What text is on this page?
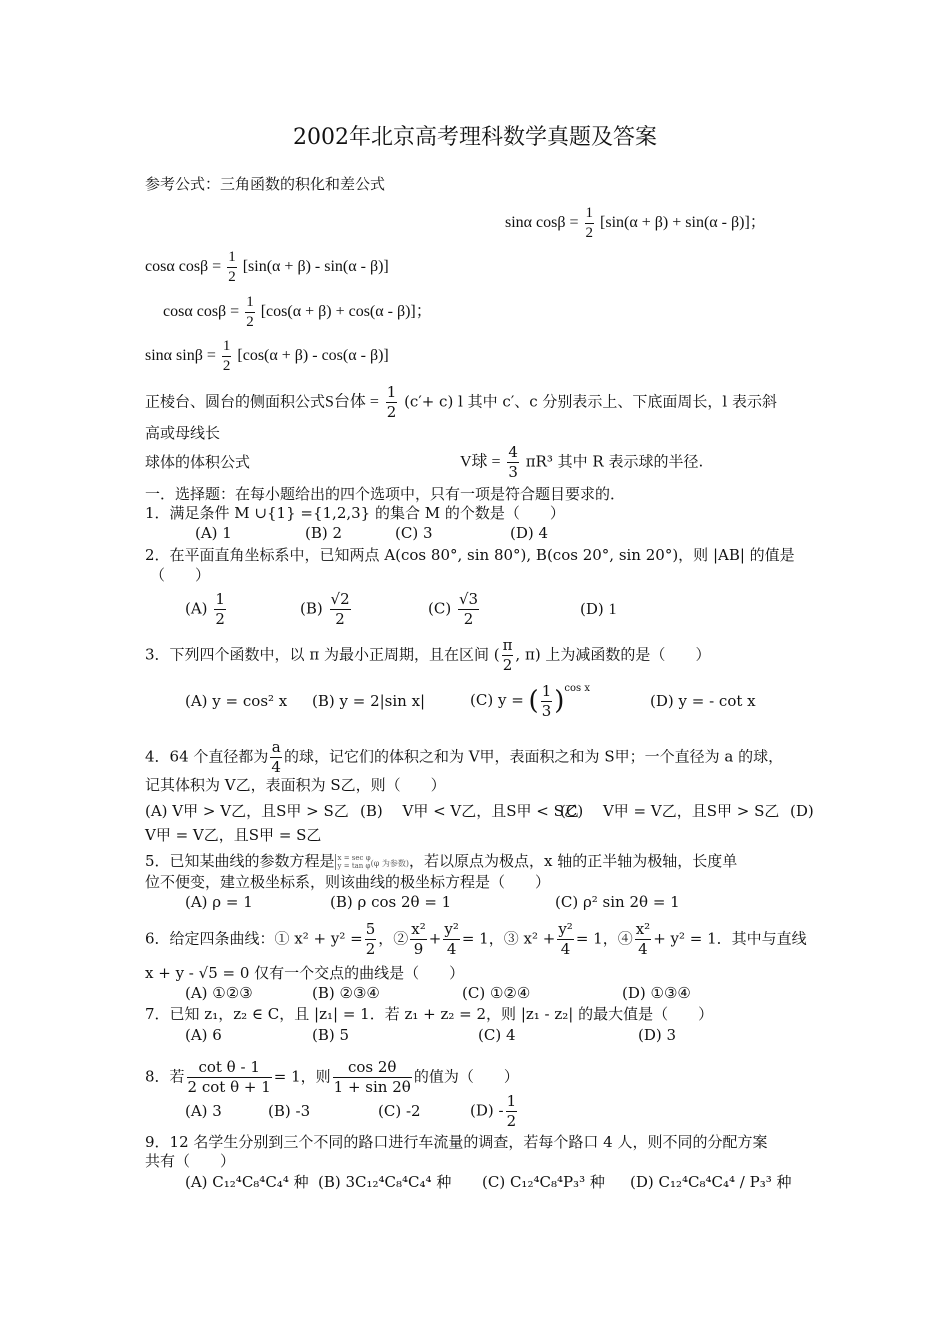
2002年北京高考理科数学真题及答案
参考公式：三角函数的积化和差公式
sinα $\cos\beta = \frac{1}{2} [\sin(\alpha + \beta) + \sin(\alpha - \beta)]$；
cosα $\cos\beta = \frac{1}{2} [\sin(\alpha + \beta) - \sin(\alpha - \beta)]$
cosα $\cos\beta = \frac{1}{2} [\cos(\alpha + \beta) + \cos(\alpha - \beta)]$；
sinα $\sin\beta = \frac{1}{2} [\cos(\alpha + \beta) - \cos(\alpha - \beta)]$
正棱台、圆台的侧面积公式S台体 = $\frac{1}{2} (c'+ c)$ l 其中 c′、c 分别表示上、下底面周长，l 表示斜
高或母线长
球体的体积公式	V球 = $\frac{4}{3} \pi R^3$ 其中 R 表示球的半径.
一．选择题：在每小题给出的四个选项中，只有一项是符合题目要求的．
1．满足条件 M ∪{1} ={1,2,3} 的集合 M 的个数是（　　）
(A) 1	(B) 2	(C) 3	(D) 4
2．在平面直角坐标系中，已知两点 A(cos 80°, sin 80°), B(cos 20°, sin 20°)，则 |AB| 的值是
（　　）
$(A) \frac{1}{2}$	$(B) \frac{√2}{2}$	$(C) \frac{√3}{2}$	(D) 1
3．下列四个函数中，以 π 为最小正周期，且在区间 ( $\frac{\pi}{2}$ , π) 上为减函数的是（　　）
(A) y = cos² x (B) y = 2|sin x|	(C) y = ( $\frac{1}{3} )^{cos x}$
(D) y = - cot x
4．64 个直径都为 $\frac{a}{4}$ 的球，记它们的体积之和为 V甲，表面积之和为 S甲；一个直径为 a 的球，
记其体积为 V乙，表面积为 S乙，则（　　）
(A) V甲 > V乙，且S甲 > S乙 (B)　 V甲 < V乙，且S甲 < S乙
(C)　 V甲 = V乙，且S甲 > S乙 (D)
V甲 = V乙，且S甲 = S乙
5．已知某曲线的参数方程是 x = sec φ
y = tan φ (φ 为参数)，若以原点为极点，x 轴的正半轴为极轴，长度单
位不便变，建立极坐标系，则该曲线的极坐标方程是（　　）
(A) ρ = 1	(B) ρ cos 2θ = 1	(C) ρ² sin 2θ = 1
6．给定四条曲线：① $x^2 + y^2 = \frac{5}{2}$ ，② $\frac{\text{x²}}{9} + \frac{\text{y²}}{4} = 1$，③ $x^2 + \frac{\text{y²}}{4} = 1$，④ $\frac{\text{x²}}{4} + y^2 = 1$．其中与直线
x + y - √5 = 0 仅有一个交点的曲线是（　　）
(A) ①②③	(B) ②③④	(C) ①②④	(D) ①③④
7．已知 z₁，z₂ ∈ C，且 |z₁| = 1．若 z₁ + z₂ = 2，则 |z₁ - z₂| 的最大值是（　　）
(A) 6	(B) 5	(C) 4	(D) 3
8．若 $\frac{\text{cot θ - 1}}{\text{2 cot θ + 1}} = 1$，则 $\frac{\cos 2\theta}{1 + \sin 2\theta}$ 的值为（　　）
(A) 3	(B) -3	(C) -2	$(D) - \frac{1}{2}$
9．12 名学生分别到三个不同的路口进行车流量的调查，若每个路口 4 人，则不同的分配方案
共有（　　）
(A) C₁₂⁴C₈⁴C₄⁴ 种 (B) 3C₁₂⁴C₈⁴C₄⁴ 种 (C) C₁₂⁴C₈⁴P₃³ 种 (D) C₁₂⁴C₈⁴C₄⁴ / P₃³ 种
